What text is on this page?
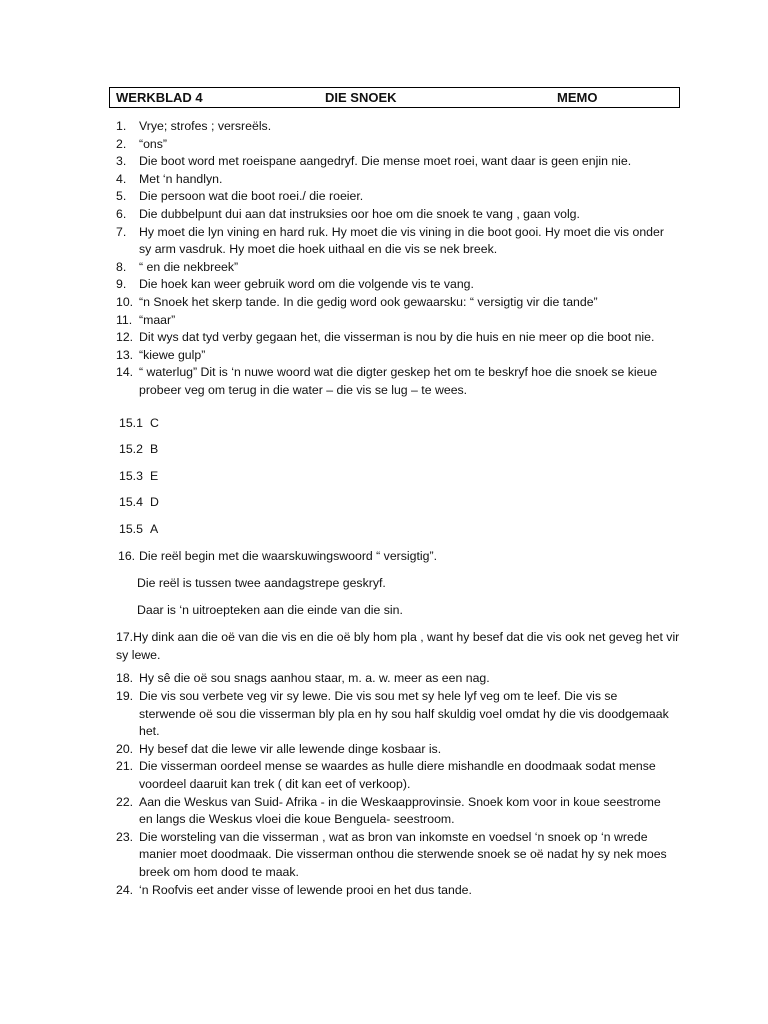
WERKBLAD 4	DIE SNOEK	MEMO
1. Vrye; strofes ; versreëls.
2. “ons”
3. Die boot word met roeispane aangedryf. Die mense moet roei, want daar is geen enjin nie.
4. Met ‘n handlyn.
5. Die persoon wat die boot roei./ die roeier.
6. Die dubbelpunt dui aan dat instruksies oor hoe om die snoek te vang , gaan volg.
7. Hy moet die lyn vining en hard ruk. Hy moet die vis vining in die boot gooi. Hy moet die vis onder sy arm vasdruk. Hy moet die hoek uithaal en die vis se nek breek.
8. “ en die nekbreek”
9. Die hoek kan weer gebruik word om die volgende vis te vang.
10. “n Snoek het skerp tande. In die gedig word ook gewaarsku: “ versigtig vir die tande”
11. “maar”
12. Dit wys dat tyd verby gegaan het, die visserman is nou by die huis en nie meer op die boot nie.
13. “kiewe gulp”
14. “ waterlug” Dit is ‘n nuwe woord wat die digter geskep het om te beskryf hoe die snoek se kieue probeer veg om terug in die water – die vis se lug – te wees.
15.1 C
15.2 B
15.3 E
15.4 D
15.5 A
16. Die reël begin met die waarskuwingswoord “ versigtig”.
Die reël is tussen twee aandagstrepe geskryf.
Daar is ‘n uitroepteken aan die einde van die sin.
17.Hy dink aan die oë van die vis en die oë bly hom pla , want hy besef dat die vis ook net geveg het vir sy lewe.
18. Hy sê die oë sou snags aanhou staar, m. a. w. meer as een nag.
19. Die vis sou verbete veg vir sy lewe. Die vis sou met sy hele lyf veg om te leef. Die vis se sterwende oë sou die visserman bly pla en hy sou half skuldig voel omdat hy die vis doodgemaak het.
20. Hy besef dat die lewe vir alle lewende dinge kosbaar is.
21. Die visserman oordeel mense se waardes as hulle diere mishandle en doodmaak sodat mense voordeel daaruit kan trek ( dit kan eet of verkoop).
22. Aan die Weskus van Suid- Afrika - in die Weskaapprovinsie. Snoek kom voor in koue seestrome en langs die Weskus vloei die koue Benguela- seestroom.
23. Die worsteling van die visserman , wat as bron van inkomste en voedsel ‘n snoek op ‘n wrede manier moet doodmaak. Die visserman onthou die sterwende snoek se oë nadat hy sy nek moes breek om hom dood te maak.
24. ‘n Roofvis eet ander visse of lewende prooi en het dus tande.
